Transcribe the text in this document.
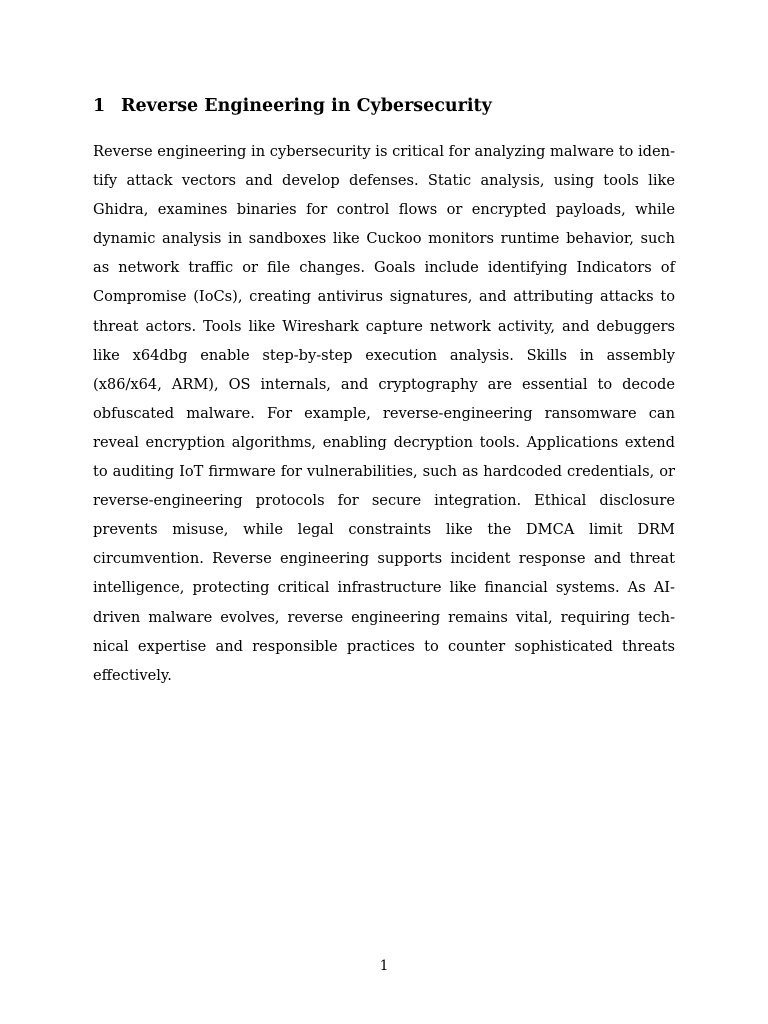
1 Reverse Engineering in Cybersecurity

Reverse engineering in cybersecurity is critical for analyzing malware to identify attack vectors and develop defenses. Static analysis, using tools like Ghidra, examines binaries for control flows or encrypted payloads, while dynamic analysis in sandboxes like Cuckoo monitors runtime behavior, such as network traffic or file changes. Goals include identifying Indicators of Compromise (IoCs), creating antivirus signatures, and attributing attacks to threat actors. Tools like Wireshark capture network activity, and debuggers like x64dbg enable step-by-step execution analysis. Skills in assembly (x86/x64, ARM), OS internals, and cryptography are essential to decode obfuscated malware. For example, reverse-engineering ransomware can reveal encryption algorithms, enabling decryption tools. Applications extend to auditing IoT firmware for vulnerabilities, such as hardcoded credentials, or reverse-engineering protocols for secure integration. Ethical disclosure prevents misuse, while legal constraints like the DMCA limit DRM circumvention. Reverse engineering supports incident response and threat intelligence, protecting critical infrastructure like financial systems. As AI-driven malware evolves, reverse engineering remains vital, requiring technical expertise and responsible practices to counter sophisticated threats effectively.

1
